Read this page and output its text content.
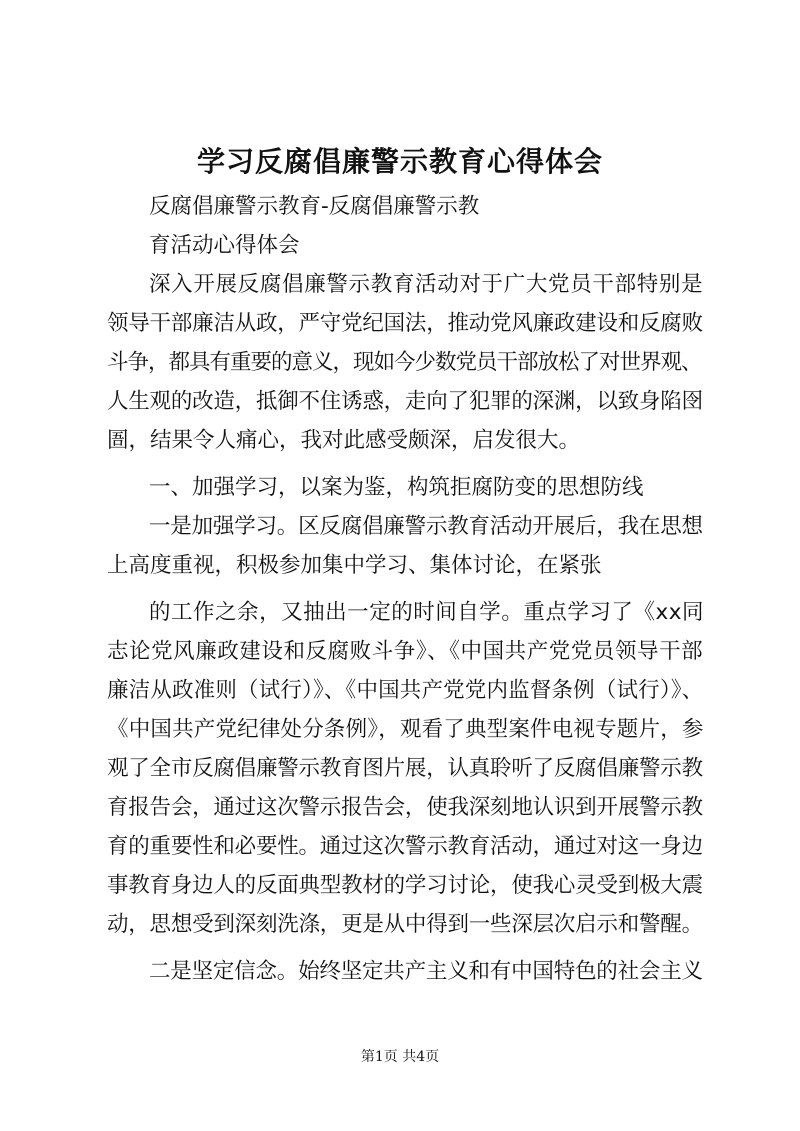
学习反腐倡廉警示教育心得体会
反腐倡廉警示教育-反腐倡廉警示教
育活动心得体会
深入开展反腐倡廉警示教育活动对于广大党员干部特别是
领导干部廉洁从政，严守党纪国法，推动党风廉政建设和反腐败
斗争，都具有重要的意义，现如今少数党员干部放松了对世界观、
人生观的改造，抵御不住诱惑，走向了犯罪的深渊，以致身陷囹
圄，结果令人痛心，我对此感受颇深，启发很大。
一、加强学习，以案为鉴，构筑拒腐防变的思想防线
一是加强学习。区反腐倡廉警示教育活动开展后，我在思想
上高度重视，积极参加集中学习、集体讨论，在紧张
的工作之余，又抽出一定的时间自学。重点学习了《xx同
志论党风廉政建设和反腐败斗争》、《中国共产党党员领导干部
廉洁从政准则（试行）》、《中国共产党党内监督条例（试行）》、
《中国共产党纪律处分条例》，观看了典型案件电视专题片，参
观了全市反腐倡廉警示教育图片展，认真聆听了反腐倡廉警示教
育报告会，通过这次警示报告会，使我深刻地认识到开展警示教
育的重要性和必要性。通过这次警示教育活动，通过对这一身边
事教育身边人的反面典型教材的学习讨论，使我心灵受到极大震
动，思想受到深刻洗涤，更是从中得到一些深层次启示和警醒。
二是坚定信念。始终坚定共产主义和有中国特色的社会主义
第1页 共4页
